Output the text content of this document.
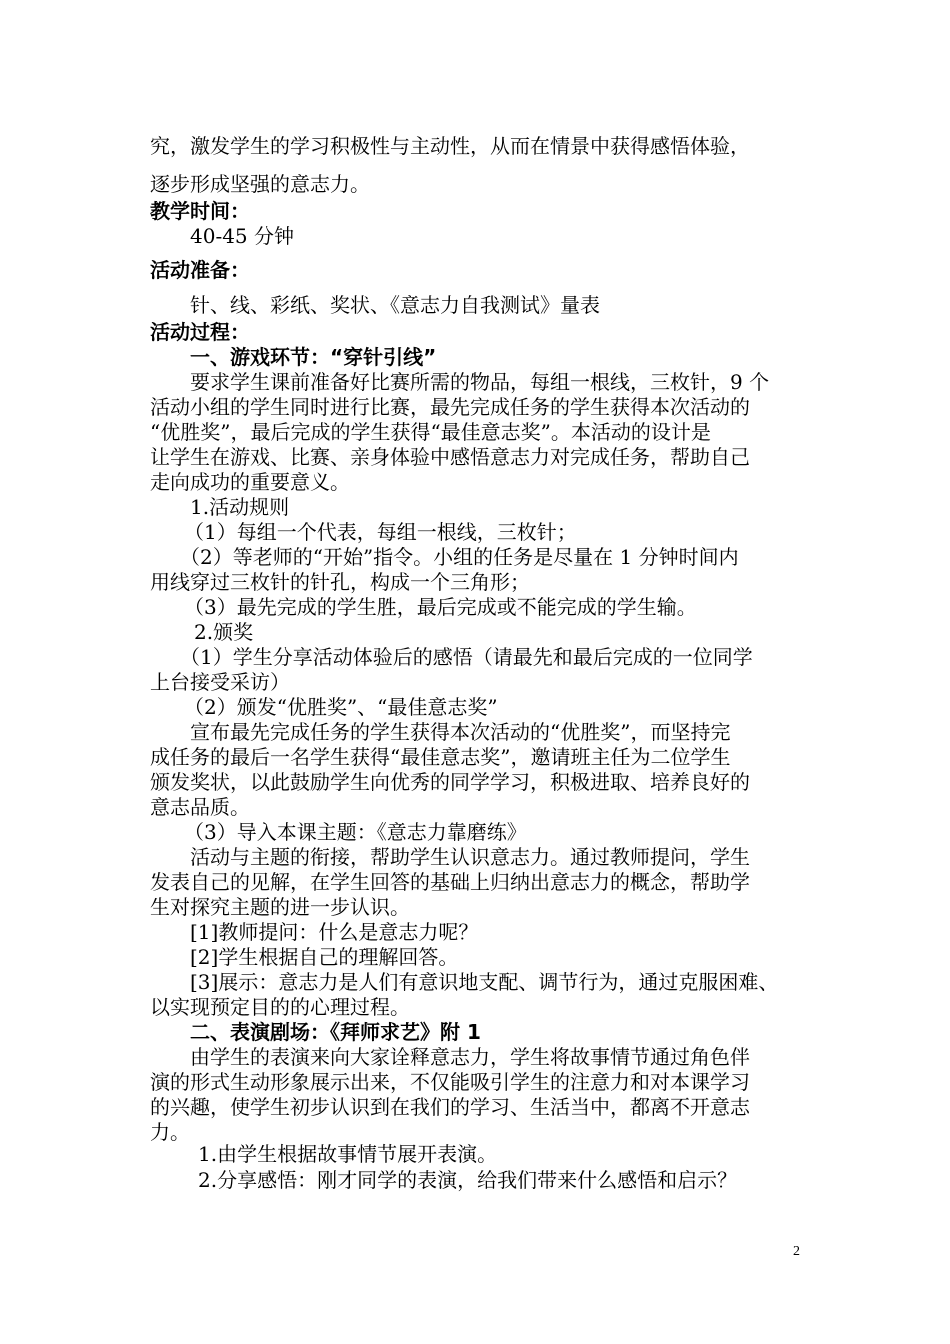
究，激发学生的学习积极性与主动性，从而在情景中获得感悟体验，
逐步形成坚强的意志力。
教学时间：
40-45 分钟
活动准备：
针、线、彩纸、奖状、《意志力自我测试》量表
活动过程：
一、游戏环节：“穿针引线”
要求学生课前准备好比赛所需的物品，每组一根线，三枚针，9 个
活动小组的学生同时进行比赛，最先完成任务的学生获得本次活动的
“优胜奖”，最后完成的学生获得“最佳意志奖”。本活动的设计是
让学生在游戏、比赛、亲身体验中感悟意志力对完成任务，帮助自己
走向成功的重要意义。
1.活动规则
（1）每组一个代表，每组一根线，三枚针；
（2）等老师的“开始”指令。小组的任务是尽量在 1 分钟时间内
用线穿过三枚针的针孔，构成一个三角形；
（3）最先完成的学生胜，最后完成或不能完成的学生输。
2.颁奖
（1）学生分享活动体验后的感悟（请最先和最后完成的一位同学
上台接受采访）
（2）颁发“优胜奖”、“最佳意志奖”
宣布最先完成任务的学生获得本次活动的“优胜奖”，而坚持完
成任务的最后一名学生获得“最佳意志奖”，邀请班主任为二位学生
颁发奖状，以此鼓励学生向优秀的同学学习，积极进取、培养良好的
意志品质。
（3）导入本课主题：《意志力靠磨练》
活动与主题的衔接，帮助学生认识意志力。通过教师提问，学生
发表自己的见解，在学生回答的基础上归纳出意志力的概念，帮助学
生对探究主题的进一步认识。
[1]教师提问：什么是意志力呢？
[2]学生根据自己的理解回答。
[3]展示：意志力是人们有意识地支配、调节行为，通过克服困难、
以实现预定目的的心理过程。
二、表演剧场：《拜师求艺》附 1
由学生的表演来向大家诠释意志力，学生将故事情节通过角色伴
演的形式生动形象展示出来，不仅能吸引学生的注意力和对本课学习
的兴趣，使学生初步认识到在我们的学习、生活当中，都离不开意志
力。
1.由学生根据故事情节展开表演。
2.分享感悟：刚才同学的表演，给我们带来什么感悟和启示？
2
